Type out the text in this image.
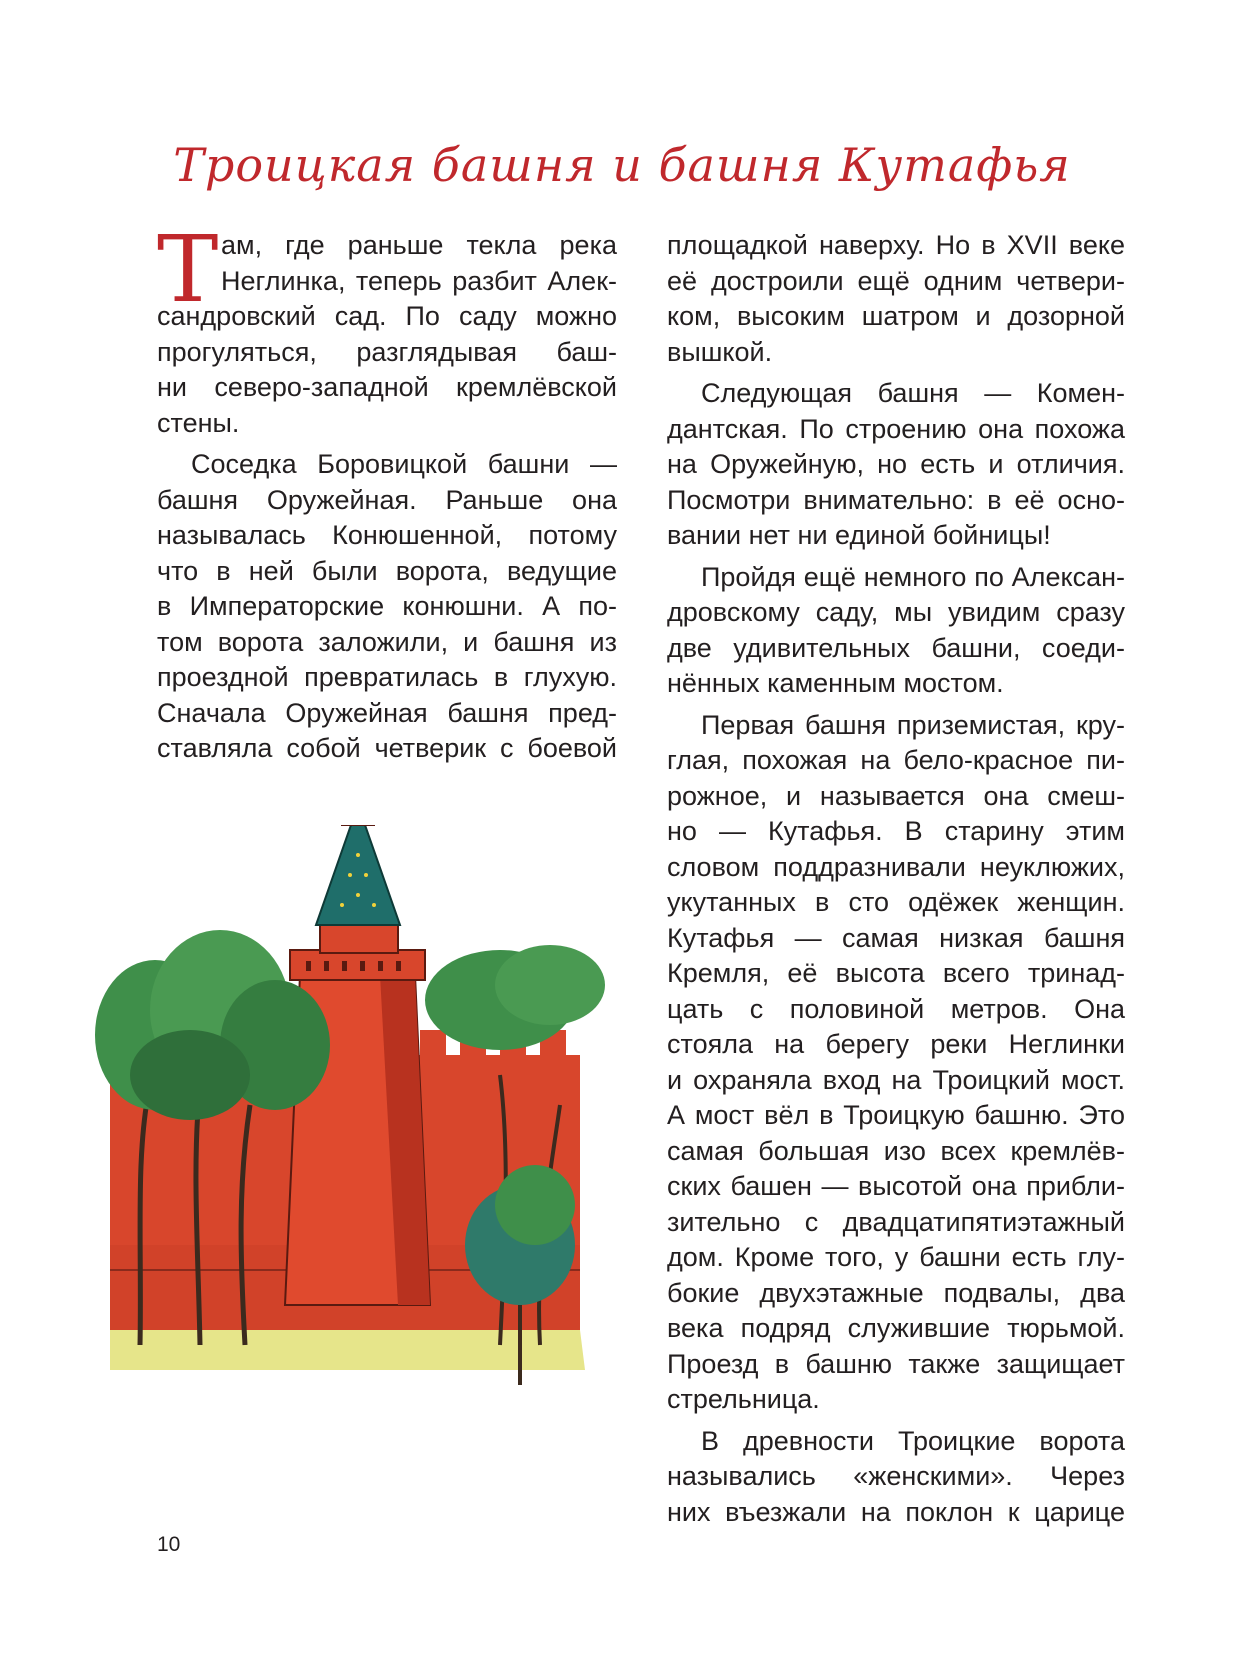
Троицкая башня и башня Кутафья
Т ам, где раньше текла река
Неглинка, теперь разбит Алек-
сандровский сад. По саду можно
прогуляться, разглядывая баш-
ни северо-западной кремлёвской
стены.
Соседка Боровицкой башни —
башня Оружейная. Раньше она
называлась Конюшенной, потому
что в ней были ворота, ведущие
в Императорские конюшни. А по-
том ворота заложили, и башня из
проездной превратилась в глухую.
Сначала Оружейная башня пред-
ставляла собой четверик с боевой
площадкой наверху. Но в XVII веке
её достроили ещё одним четвери-
ком, высоким шатром и дозорной
вышкой.
Следующая башня — Комен-
дантская. По строению она похожа
на Оружейную, но есть и отличия.
Посмотри внимательно: в её осно-
вании нет ни единой бойницы!
Пройдя ещё немного по Алексан-
дровскому саду, мы увидим сразу
две удивительных башни, соеди-
нённых каменным мостом.
Первая башня приземистая, кру-
глая, похожая на бело-красное пи-
рожное, и называется она смеш-
но — Кутафья. В старину этим
словом поддразнивали неуклюжих,
укутанных в сто одёжек женщин.
Кутафья — самая низкая башня
Кремля, её высота всего тринад-
цать с половиной метров. Она
стояла на берегу реки Неглинки
и охраняла вход на Троицкий мост.
А мост вёл в Троицкую башню. Это
самая большая изо всех кремлёв-
ских башен — высотой она прибли-
зительно с двадцатипятиэтажный
дом. Кроме того, у башни есть глу-
бокие двухэтажные подвалы, два
века подряд служившие тюрьмой.
Проезд в башню также защищает
стрельница.
В древности Троицкие ворота
назывались «женскими». Через
них въезжали на поклон к царице
10
